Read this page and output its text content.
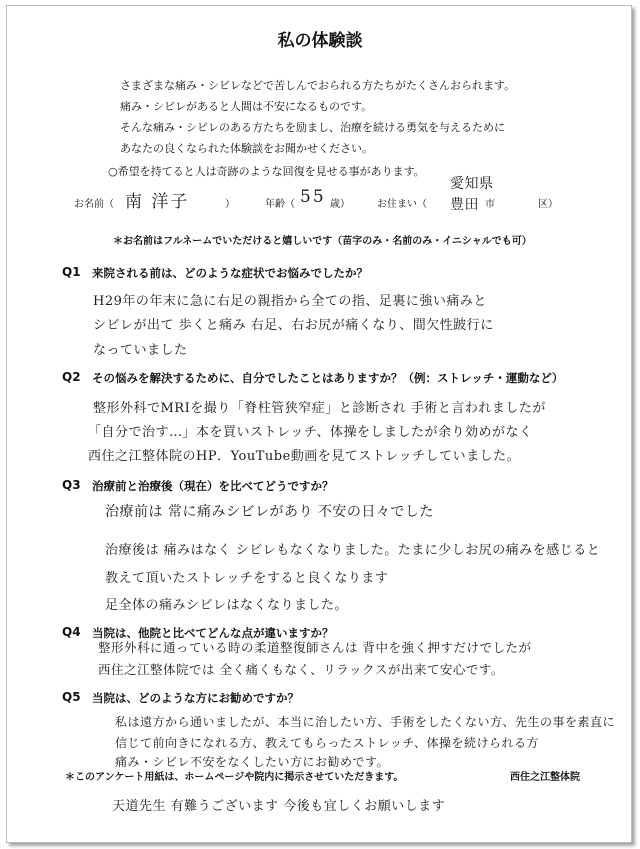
私の体験談
さまざまな痛み・シビレなどで苦しんでおられる方たちがたくさんおられます。
痛み・シビレがあると人間は不安になるものです。
そんな痛み・シビレのある方たちを励まし、治療を続ける勇気を与えるために
あなたの良くなられた体験談をお聞かせください。
○希望を持てると人は奇跡のような回復を見せる事があります。
お名前（ 南 洋子	）	年齢（ 55 歳）	お住まい（
愛知県
豊田 市	区）
＊お名前はフルネームでいただけると嬉しいです（苗字のみ・名前のみ・イニシャルでも可）
Q1 来院される前は、どのような症状でお悩みでしたか？
H29年の年末に急に右足の親指から全ての指、足裏に強い痛みと
シビレが出て 歩くと痛み 右足、右お尻が痛くなり、間欠性跛行に
なっていました
Q2 その悩みを解決するために、自分でしたことはありますか？（例：ストレッチ・運動など）
整形外科でMRIを撮り「脊柱管狭窄症」と診断され 手術と言われましたが
「自分で治す…」本を買いストレッチ、体操をしましたが余り効めがなく
西住之江整体院のHP．YouTube動画を見てストレッチしていました。
Q3 治療前と治療後（現在）を比べてどうですか？
治療前は 常に痛みシビレがあり 不安の日々でした
治療後は 痛みはなく シビレもなくなりました。たまに少しお尻の痛みを感じると
教えて頂いたストレッチをすると良くなります
足全体の痛みシビレはなくなりました。
Q4 当院は、他院と比べてどんな点が違いますか？
整形外科に通っている時の柔道整復師さんは 背中を強く押すだけでしたが
西住之江整体院では 全く痛くもなく、リラックスが出来て安心です。
Q5 当院は、どのような方にお勧めですか？
私は遠方から通いましたが、本当に治したい方、手術をしたくない方、先生の事を素直に
信じて前向きになれる方、教えてもらったストレッチ、体操を続けられる方
痛み・シビレ不安をなくしたい方にお勧めです。
＊このアンケート用紙は、ホームページや院内に掲示させていただきます。	西住之江整体院
天道先生 有難うございます 今後も宜しくお願いします
